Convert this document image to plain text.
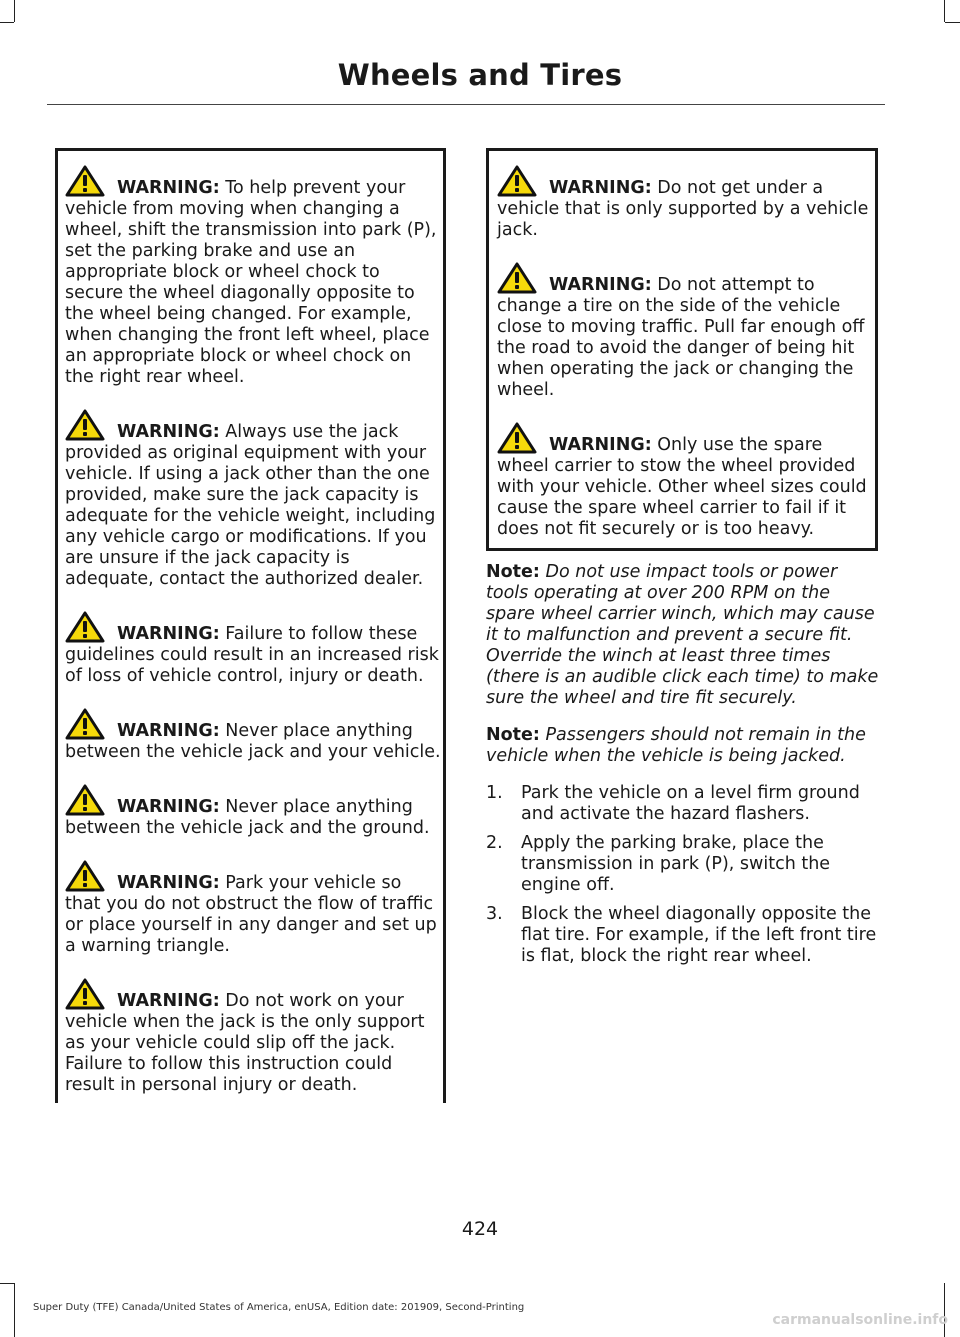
Wheels and Tires

WARNING: To help prevent your vehicle from moving when changing a wheel, shift the transmission into park (P), set the parking brake and use an appropriate block or wheel chock to secure the wheel diagonally opposite to the wheel being changed. For example, when changing the front left wheel, place an appropriate block or wheel chock on the right rear wheel.

WARNING: Always use the jack provided as original equipment with your vehicle. If using a jack other than the one provided, make sure the jack capacity is adequate for the vehicle weight, including any vehicle cargo or modifications. If you are unsure if the jack capacity is adequate, contact the authorized dealer.

WARNING: Failure to follow these guidelines could result in an increased risk of loss of vehicle control, injury or death.

WARNING: Never place anything between the vehicle jack and your vehicle.

WARNING: Never place anything between the vehicle jack and the ground.

WARNING: Park your vehicle so that you do not obstruct the flow of traffic or place yourself in any danger and set up a warning triangle.

WARNING: Do not work on your vehicle when the jack is the only support as your vehicle could slip off the jack. Failure to follow this instruction could result in personal injury or death.

WARNING: Do not get under a vehicle that is only supported by a vehicle jack.

WARNING: Do not attempt to change a tire on the side of the vehicle close to moving traffic. Pull far enough off the road to avoid the danger of being hit when operating the jack or changing the wheel.

WARNING: Only use the spare wheel carrier to stow the wheel provided with your vehicle. Other wheel sizes could cause the spare wheel carrier to fail if it does not fit securely or is too heavy.

Note: Do not use impact tools or power tools operating at over 200 RPM on the spare wheel carrier winch, which may cause it to malfunction and prevent a secure fit. Override the winch at least three times (there is an audible click each time) to make sure the wheel and tire fit securely.

Note: Passengers should not remain in the vehicle when the vehicle is being jacked.

1. Park the vehicle on a level firm ground and activate the hazard flashers.
2. Apply the parking brake, place the transmission in park (P), switch the engine off.
3. Block the wheel diagonally opposite the flat tire. For example, if the left front tire is flat, block the right rear wheel.
424
Super Duty (TFE) Canada/United States of America, enUSA, Edition date: 201909, Second-Printing
carmanualsonline.info
